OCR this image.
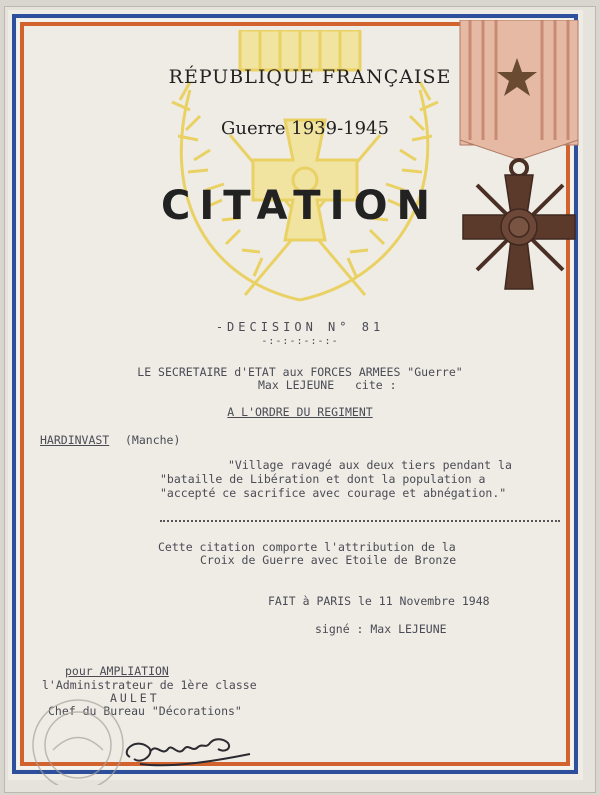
RÉPUBLIQUE FRANÇAISE
Guerre 1939-1945
CITATION
-DECISION N° 81
-:-:-:-:-:-
LE SECRETAIRE d'ETAT aux FORCES ARMEES "Guerre"
Max LEJEUNE cite :
A L'ORDRE DU REGIMENT
HARDINVAST (Manche)
"Village ravagé aux deux tiers pendant la
"bataille de Libération et dont la population a
"accepté ce sacrifice avec courage et abnégation."
Cette citation comporte l'attribution de la
Croix de Guerre avec Etoile de Bronze
FAIT à PARIS le 11 Novembre 1948
signé : Max LEJEUNE
pour AMPLIATION
l'Administrateur de 1ère classe
AULET
Chef du Bureau "Décorations"
